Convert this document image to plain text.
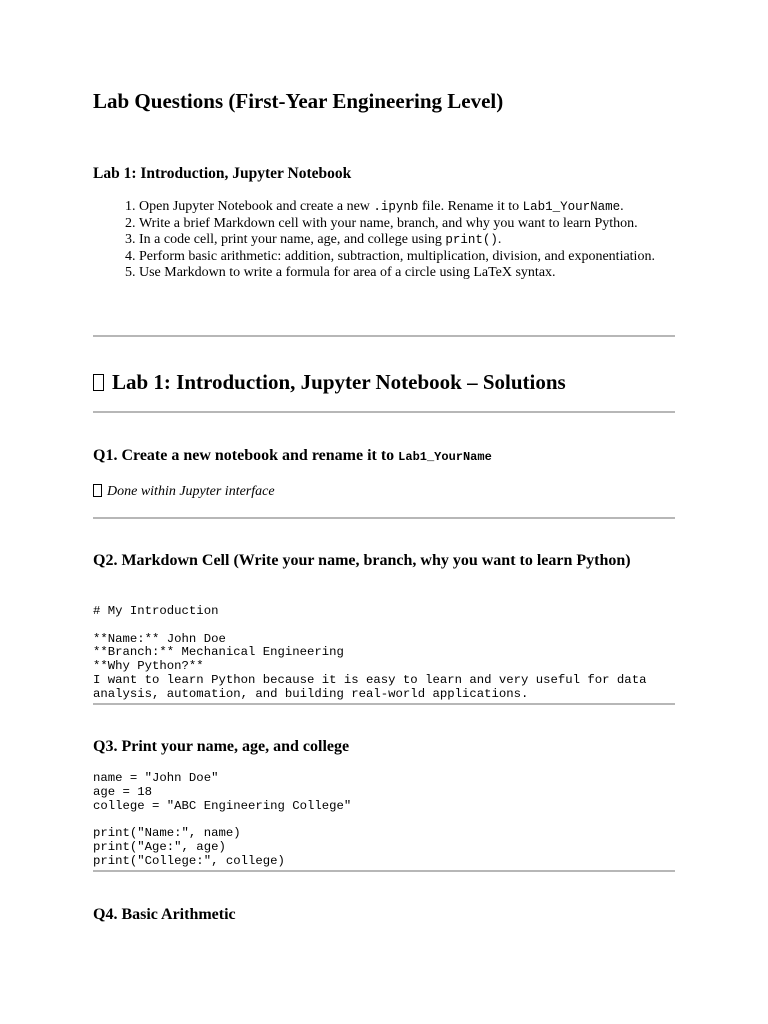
Lab Questions (First-Year Engineering Level)
Lab 1: Introduction, Jupyter Notebook
1. Open Jupyter Notebook and create a new .ipynb file. Rename it to Lab1_YourName.
2. Write a brief Markdown cell with your name, branch, and why you want to learn Python.
3. In a code cell, print your name, age, and college using print().
4. Perform basic arithmetic: addition, subtraction, multiplication, division, and exponentiation.
5. Use Markdown to write a formula for area of a circle using LaTeX syntax.
Lab 1: Introduction, Jupyter Notebook – Solutions
Q1. Create a new notebook and rename it to Lab1_YourName
Done within Jupyter interface
Q2. Markdown Cell (Write your name, branch, why you want to learn Python)
# My Introduction

**Name:** John Doe
**Branch:** Mechanical Engineering
**Why Python?**
I want to learn Python because it is easy to learn and very useful for data
analysis, automation, and building real-world applications.
Q3. Print your name, age, and college
name = "John Doe"
age = 18
college = "ABC Engineering College"

print("Name:", name)
print("Age:", age)
print("College:", college)
Q4. Basic Arithmetic
